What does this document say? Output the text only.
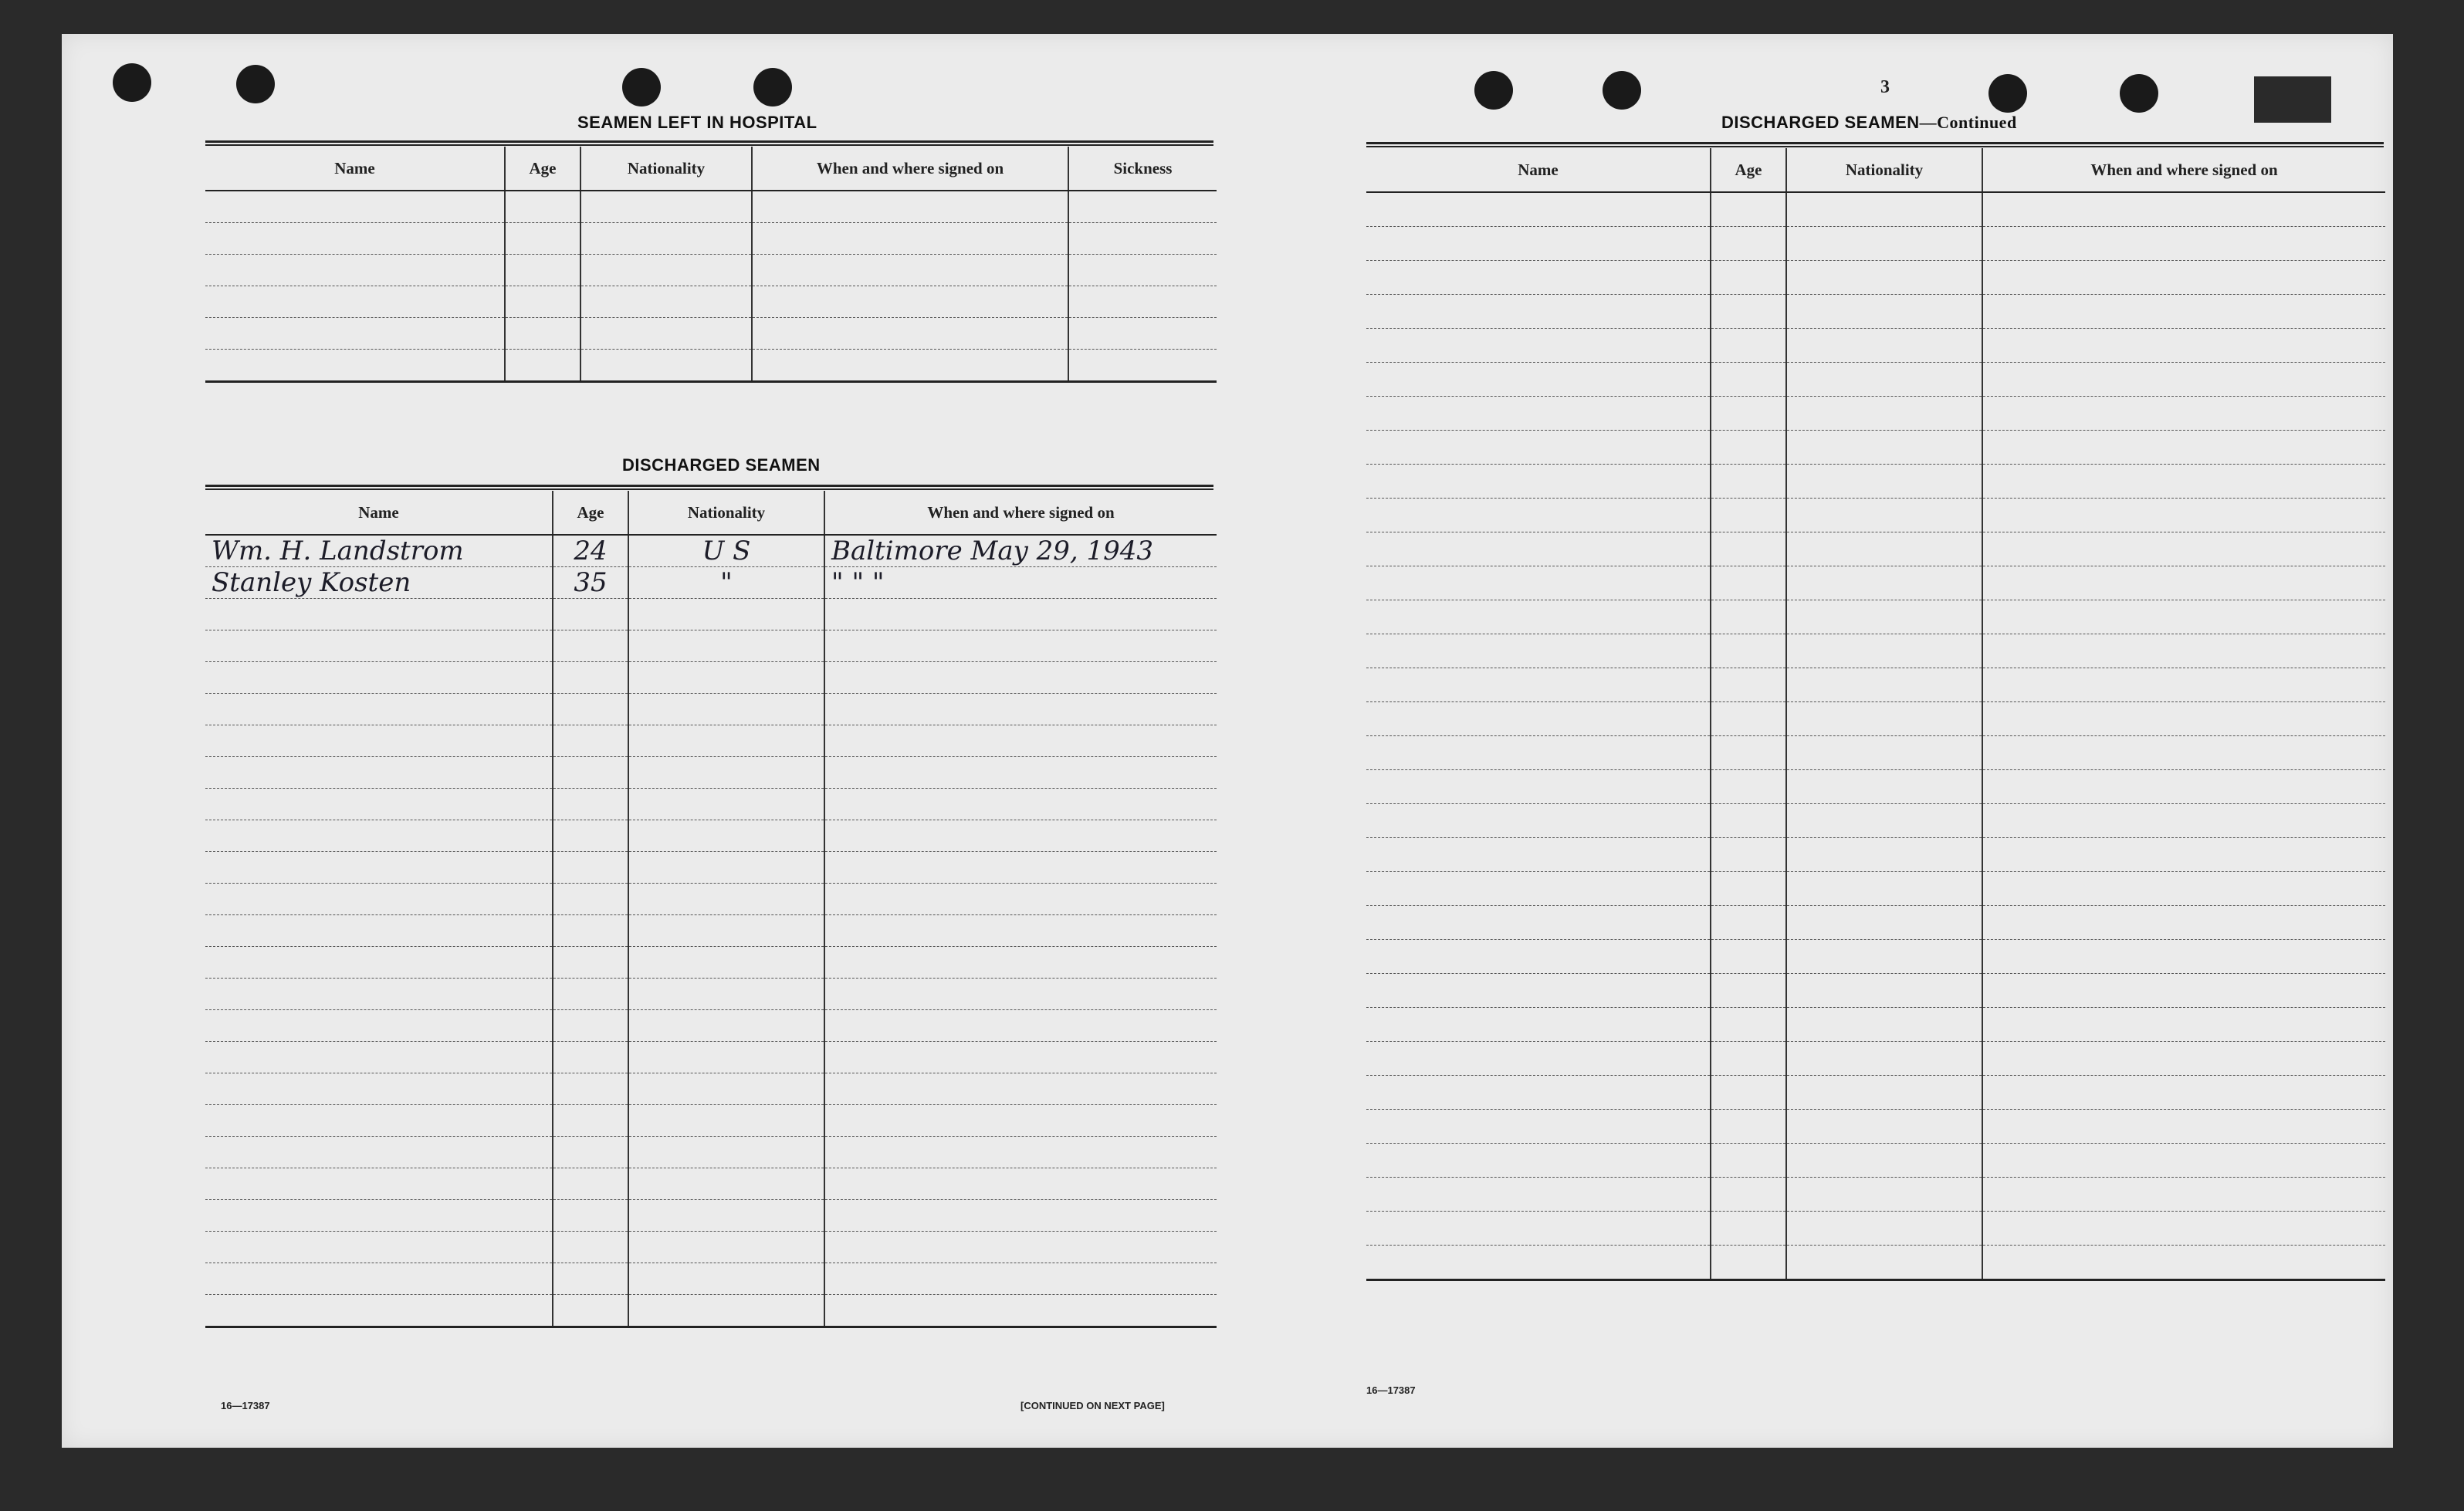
SEAMEN LEFT IN HOSPITAL
Name	Age	Nationality	When and where signed on	Sickness

DISCHARGED SEAMEN
Name	Age	Nationality	When and where signed on

Wm. H. Landstrom	24	U S	Baltimore May 29, 1943

Stanley Kosten	35	"	" " "

16—17387	[CONTINUED ON NEXT PAGE]
3
DISCHARGED SEAMEN—Continued
Name	Age	Nationality	When and where signed on

16—17387
